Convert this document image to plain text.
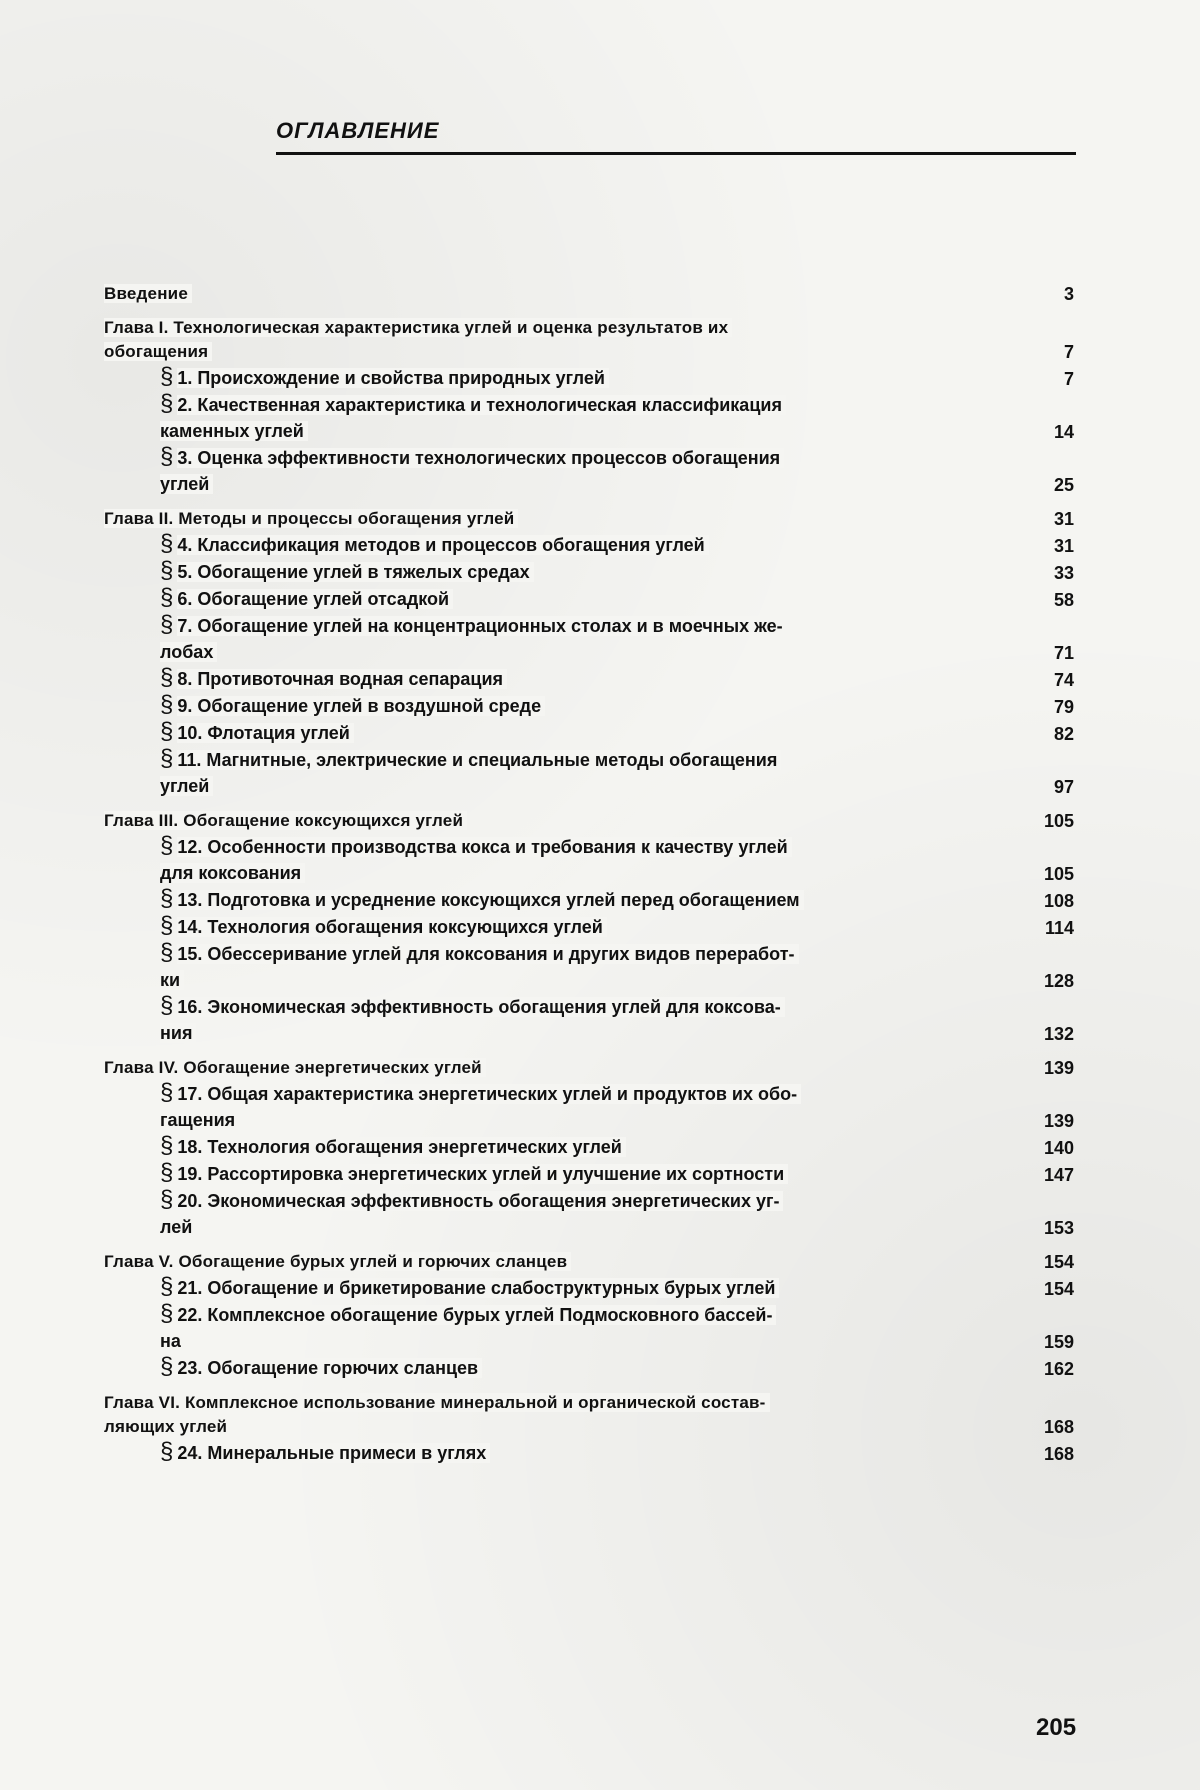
ОГЛАВЛЕНИЕ
Введение
. . .	3
Глава I. Технологическая характеристика углей и оценка результатов их
обогащения
. . .	7
§ 1. Происхождение и свойства природных углей
. . .	7
§ 2. Качественная характеристика и технологическая классификация
каменных углей
. . .	14
§ 3. Оценка эффективности технологических процессов обогащения
углей
. . .	25
Глава II. Методы и процессы обогащения углей
. . .	31
§ 4. Классификация методов и процессов обогащения углей
. . .	31
§ 5. Обогащение углей в тяжелых средах
. . .	33
§ 6. Обогащение углей отсадкой
. . .	58
§ 7. Обогащение углей на концентрационных столах и в моечных же-
лобах
. . .	71
§ 8. Противоточная водная сепарация
. . .	74
§ 9. Обогащение углей в воздушной среде
. . .	79
§ 10. Флотация углей
. . .	82
§ 11. Магнитные, электрические и специальные методы обогащения
углей
. . .	97
Глава III. Обогащение коксующихся углей
. . .	105
§ 12. Особенности производства кокса и требования к качеству углей
для коксования
. . .	105
§ 13. Подготовка и усреднение коксующихся углей перед обогащением
. . .	108
§ 14. Технология обогащения коксующихся углей
. . .	114
§ 15. Обессеривание углей для коксования и других видов переработ-
ки
. . .	128
§ 16. Экономическая эффективность обогащения углей для коксова-
ния
. . .	132
Глава IV. Обогащение энергетических углей
. . .	139
§ 17. Общая характеристика энергетических углей и продуктов их обо-
гащения
. . .	139
§ 18. Технология обогащения энергетических углей
. . .	140
§ 19. Рассортировка энергетических углей и улучшение их сортности
. . .	147
§ 20. Экономическая эффективность обогащения энергетических уг-
лей
. . .	153
Глава V. Обогащение бурых углей и горючих сланцев
. . .	154
§ 21. Обогащение и брикетирование слабоструктурных бурых углей
. . .	154
§ 22. Комплексное обогащение бурых углей Подмосковного бассей-
на
. . .	159
§ 23. Обогащение горючих сланцев
. . .	162
Глава VI. Комплексное использование минеральной и органической состав-
ляющих углей
. . .	168
§ 24. Минеральные примеси в углях
. . .	168
205
